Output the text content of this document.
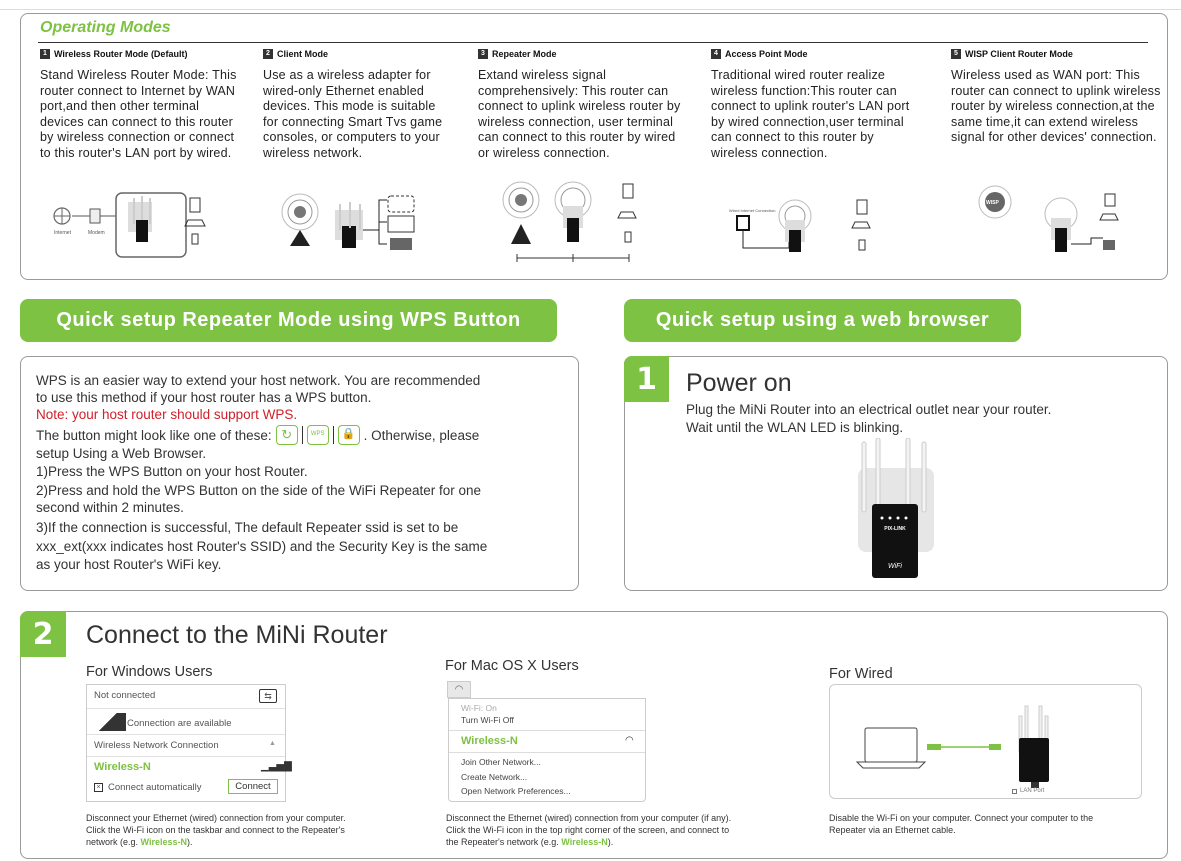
Operating Modes
1 Wireless Router Mode (Default)
Stand Wireless Router Mode: This router connect to Internet by WAN port,and then other terminal devices can connect to this router by wireless connection or connect to this router's LAN port by wired.
Internet	Modem
2 Client Mode
Use as a wireless adapter for wired-only Ethernet enabled devices. This mode is suitable for connecting Smart Tvs game consoles, or computers to your wireless network.
3 Repeater Mode
Extand wireless signal comprehensively: This router can connect to uplink wireless router by wireless connection, user terminal can connect to this router by wired or wireless connection.
4 Access Point Mode
Traditional wired router realize wireless function:This router can connect to uplink router's LAN port by wired connection,user terminal can connect to this router by wireless connection.
Wired Internet Connection
5 WISP Client Router Mode
Wireless used as WAN port: This router can connect to uplink wireless router by wireless connection,at the same time,it can extend wireless signal for other devices' connection.
WISP
Quick setup Repeater Mode using WPS Button
WPS is an easier way to extend your host network. You are recommended
to use this method if your host router has a WPS button.
Note: your host router should support WPS.
The button might look like one of these: ↻	WPS	🔒 . Otherwise, please
setup Using a Web Browser.
1)Press the WPS Button on your host Router.
2)Press and hold the WPS Button on the side of the WiFi Repeater for one
second within 2 minutes.
3)If the connection is successful, The default Repeater ssid is set to be
xxx_ext(xxx indicates host Router's SSID) and the Security Key is the same
as your host Router's WiFi key.
Quick setup using a web browser
1	Power on
Plug the MiNi Router into an electrical outlet near your router.
Wait until the WLAN LED is blinking.
PIX-LINK
WiFi
2	Connect to the MiNi Router
For Windows Users
Not connected	⇆
Connection are available
Wireless Network Connection	▲
Wireless-N	▁▃▅▇
× Connect automatically	Connect
Disconnect your Ethernet (wired) connection from your computer.
Click the Wi-Fi icon on the taskbar and connect to the Repeater's
network (e.g. Wireless-N).
For Mac OS X Users
◠
Wi-Fi: On
Turn Wi-Fi Off
Wireless-N	◠
Join Other Network...
Create Network...
Open Network Preferences...
Disconnect the Ethernet (wired) connection from your computer (if any).
Click the Wi-Fi icon in the top right corner of the screen, and connect to
the Repeater's network (e.g. Wireless-N).
For Wired
LAN Port
Disable the Wi-Fi on your computer. Connect your computer to the
Repeater via an Ethernet cable.
